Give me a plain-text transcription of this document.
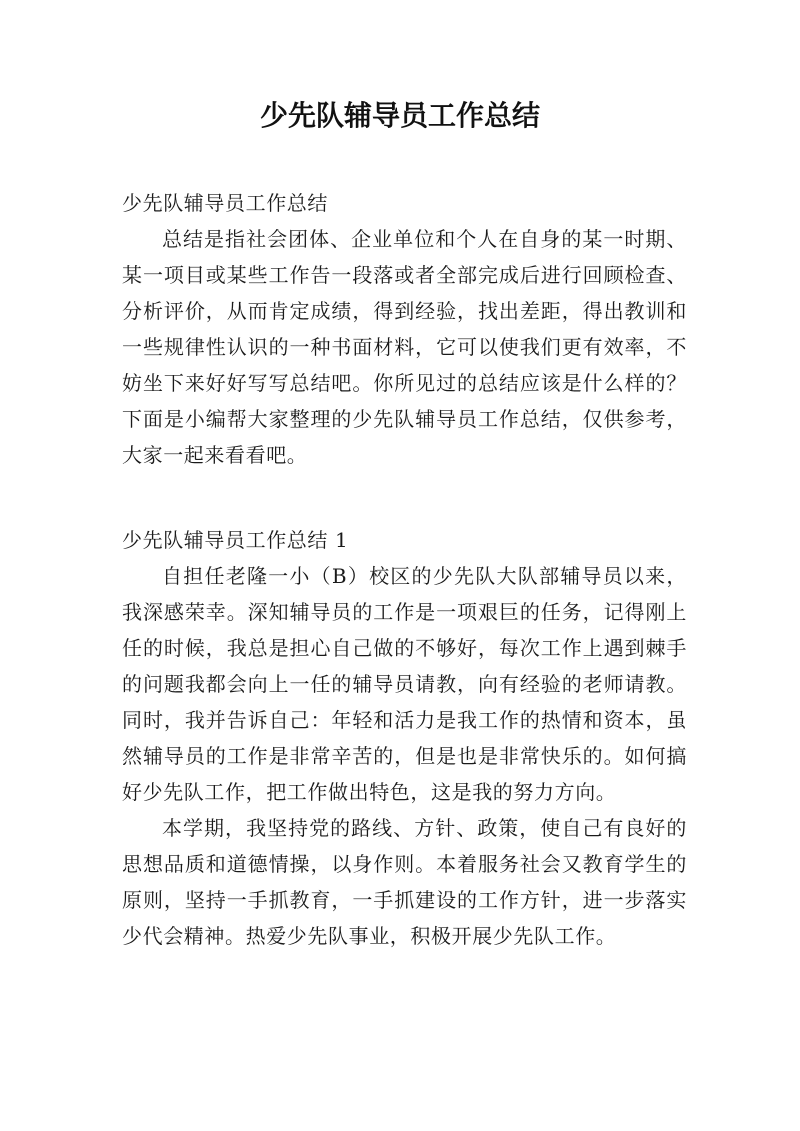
少先队辅导员工作总结

少先队辅导员工作总结

总结是指社会团体、企业单位和个人在自身的某一时期、某一项目或某些工作告一段落或者全部完成后进行回顾检查、分析评价，从而肯定成绩，得到经验，找出差距，得出教训和一些规律性认识的一种书面材料，它可以使我们更有效率，不妨坐下来好好写写总结吧。你所见过的总结应该是什么样的？下面是小编帮大家整理的少先队辅导员工作总结，仅供参考，大家一起来看看吧。

少先队辅导员工作总结 1

自担任老隆一小（B）校区的少先队大队部辅导员以来，我深感荣幸。深知辅导员的工作是一项艰巨的任务，记得刚上任的时候，我总是担心自己做的不够好，每次工作上遇到棘手的问题我都会向上一任的辅导员请教，向有经验的老师请教。同时，我并告诉自己：年轻和活力是我工作的热情和资本，虽然辅导员的工作是非常辛苦的，但是也是非常快乐的。如何搞好少先队工作，把工作做出特色，这是我的努力方向。

本学期，我坚持党的路线、方针、政策，使自己有良好的思想品质和道德情操，以身作则。本着服务社会又教育学生的原则，坚持一手抓教育，一手抓建设的工作方针，进一步落实少代会精神。热爱少先队事业，积极开展少先队工作。
